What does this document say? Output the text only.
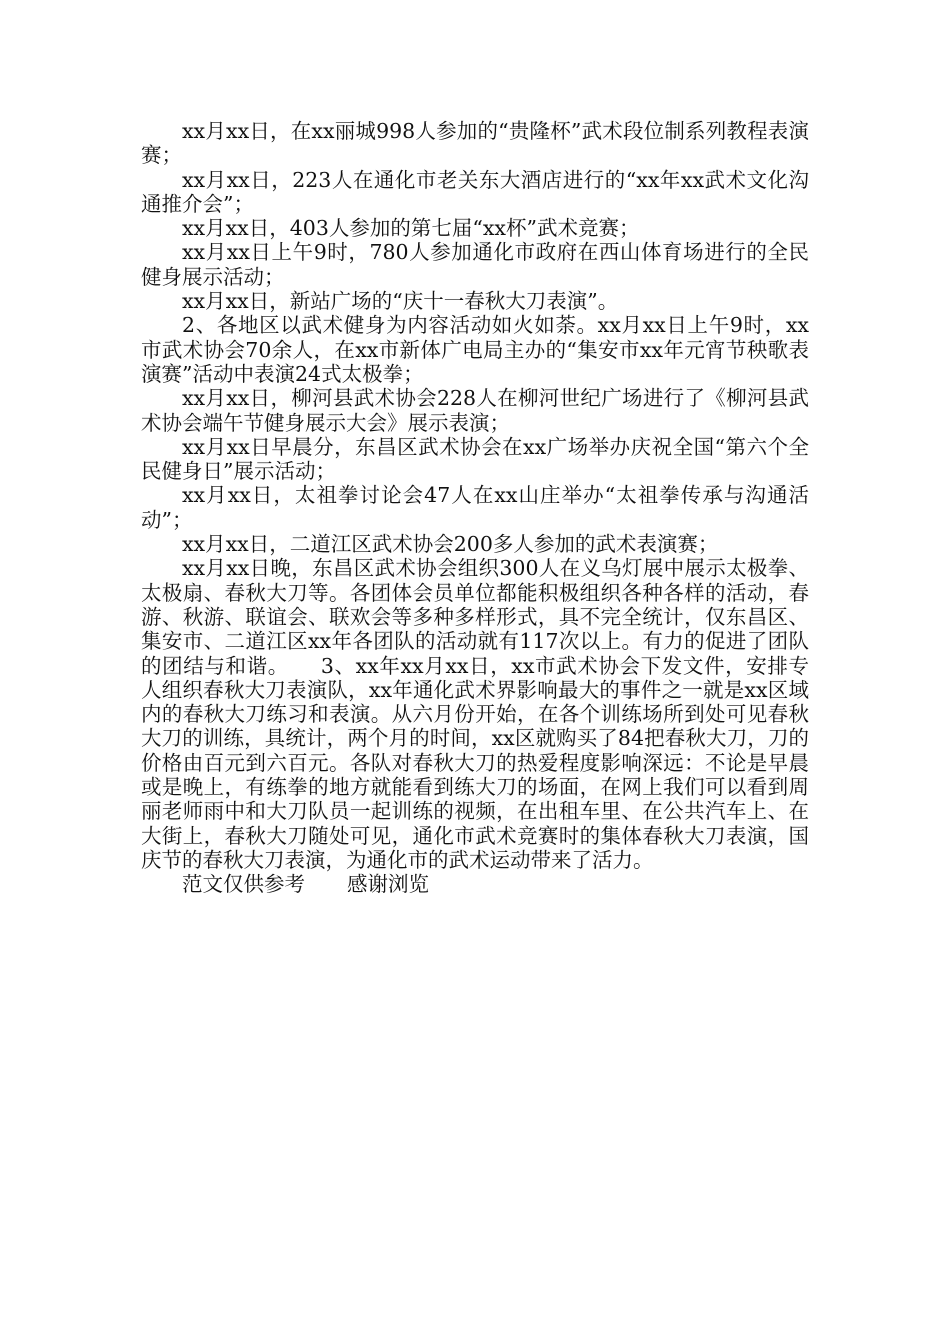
xx月xx日，在xx丽城998人参加的“贵隆杯”武术段位制系列教程表演赛；

xx月xx日，223人在通化市老关东大酒店进行的“xx年xx武术文化沟通推介会”；

xx月xx日，403人参加的第七届“xx杯”武术竞赛；

xx月xx日上午9时，780人参加通化市政府在西山体育场进行的全民健身展示活动；

xx月xx日，新站广场的“庆十一春秋大刀表演”。

2、各地区以武术健身为内容活动如火如荼。xx月xx日上午9时，xx市武术协会70余人，在xx市新体广电局主办的“集安市xx年元宵节秧歌表演赛”活动中表演24式太极拳；

xx月xx日，柳河县武术协会228人在柳河世纪广场进行了《柳河县武术协会端午节健身展示大会》展示表演；

xx月xx日早晨分，东昌区武术协会在xx广场举办庆祝全国“第六个全民健身日”展示活动；

xx月xx日，太祖拳讨论会47人在xx山庄举办“太祖拳传承与沟通活动”；

xx月xx日，二道江区武术协会200多人参加的武术表演赛；

xx月xx日晚，东昌区武术协会组织300人在义乌灯展中展示太极拳、太极扇、春秋大刀等。各团体会员单位都能积极组织各种各样的活动，春游、秋游、联谊会、联欢会等多种多样形式，具不完全统计，仅东昌区、集安市、二道江区xx年各团队的活动就有117次以上。有力的促进了团队的团结与和谐。　　3、xx年xx月xx日，xx市武术协会下发文件，安排专人组织春秋大刀表演队，xx年通化武术界影响最大的事件之一就是xx区域内的春秋大刀练习和表演。从六月份开始，在各个训练场所到处可见春秋大刀的训练，具统计，两个月的时间，xx区就购买了84把春秋大刀，刀的价格由百元到六百元。各队对春秋大刀的热爱程度影响深远：不论是早晨或是晚上，有练拳的地方就能看到练大刀的场面，在网上我们可以看到周丽老师雨中和大刀队员一起训练的视频，在出租车里、在公共汽车上、在大街上，春秋大刀随处可见，通化市武术竞赛时的集体春秋大刀表演，国庆节的春秋大刀表演，为通化市的武术运动带来了活力。

范文仅供参考 感谢浏览
